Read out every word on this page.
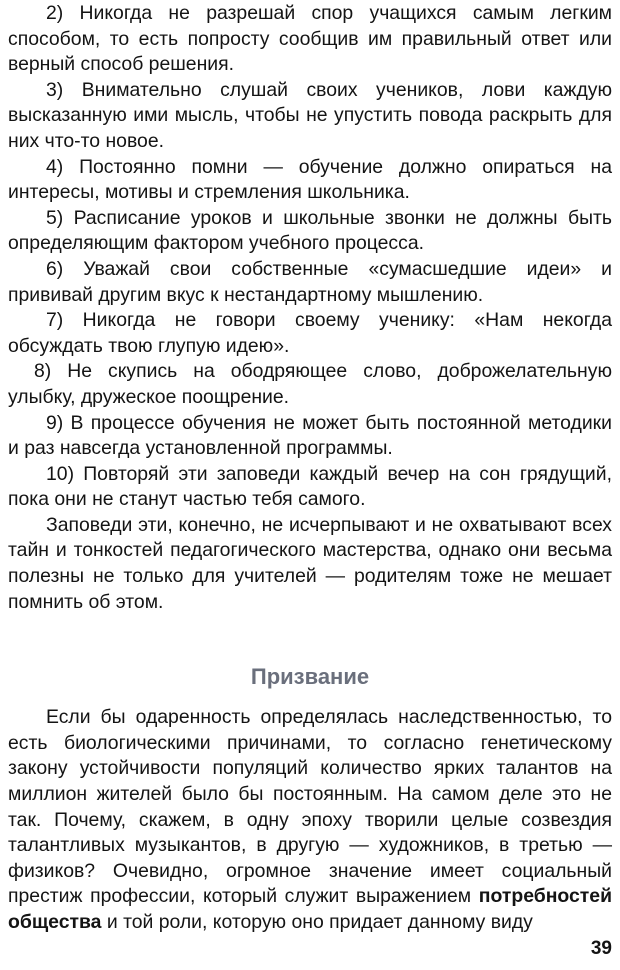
2) Никогда не разрешай спор учащихся самым легким способом, то есть попросту сообщив им правильный ответ или верный способ решения.

3) Внимательно слушай своих учеников, лови каждую высказанную ими мысль, чтобы не упустить повода раскрыть для них что-то новое.

4) Постоянно помни — обучение должно опираться на интересы, мотивы и стремления школьника.

5) Расписание уроков и школьные звонки не должны быть определяющим фактором учебного процесса.

6) Уважай свои собственные «сумасшедшие идеи» и прививай другим вкус к нестандартному мышлению.

7) Никогда не говори своему ученику: «Нам некогда обсуждать твою глупую идею».

8) Не скупись на ободряющее слово, доброжелательную улыбку, дружеское поощрение.

9) В процессе обучения не может быть постоянной методики и раз навсегда установленной программы.

10) Повторяй эти заповеди каждый вечер на сон грядущий, пока они не станут частью тебя самого.

Заповеди эти, конечно, не исчерпывают и не охватывают всех тайн и тонкостей педагогического мастерства, однако они весьма полезны не только для учителей — родителям тоже не мешает помнить об этом.

Призвание

Если бы одаренность определялась наследственностью, то есть биологическими причинами, то согласно генетическому закону устойчивости популяций количество ярких талантов на миллион жителей было бы постоянным. На самом деле это не так. Почему, скажем, в одну эпоху творили целые созвездия талантливых музыкантов, в другую — художников, в третью — физиков? Очевидно, огромное значение имеет социальный престиж профессии, который служит выражением потребностей общества и той роли, которую оно придает данному виду

39
